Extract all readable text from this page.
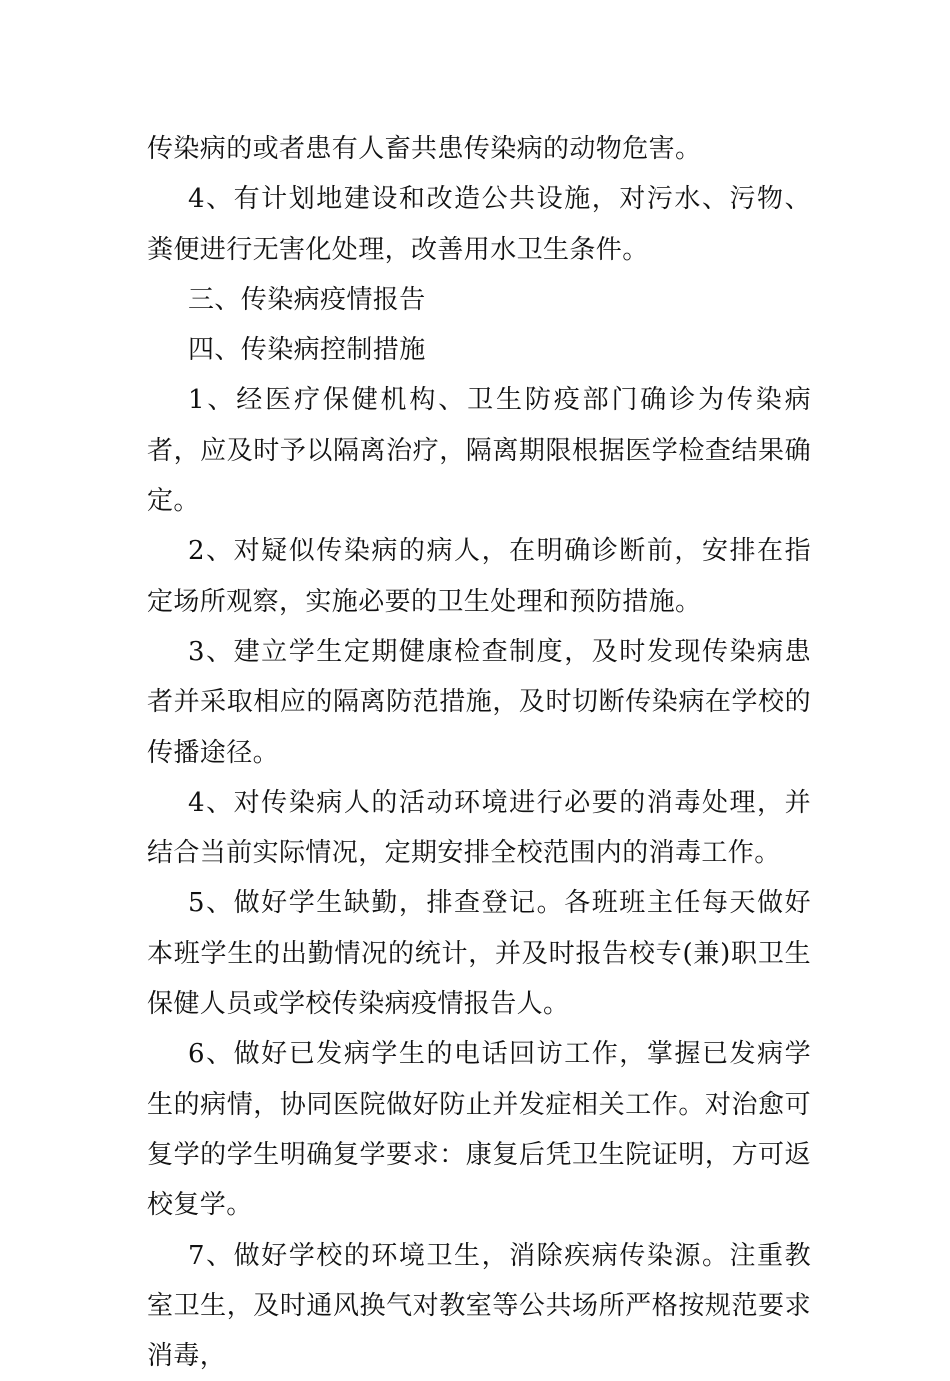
传染病的或者患有人畜共患传染病的动物危害。

4、有计划地建设和改造公共设施，对污水、污物、粪便进行无害化处理，改善用水卫生条件。

三、传染病疫情报告

四、传染病控制措施

1、经医疗保健机构、卫生防疫部门确诊为传染病者，应及时予以隔离治疗，隔离期限根据医学检查结果确定。

2、对疑似传染病的病人，在明确诊断前，安排在指定场所观察，实施必要的卫生处理和预防措施。

3、建立学生定期健康检查制度，及时发现传染病患者并采取相应的隔离防范措施，及时切断传染病在学校的传播途径。

4、对传染病人的活动环境进行必要的消毒处理，并结合当前实际情况，定期安排全校范围内的消毒工作。

5、做好学生缺勤，排查登记。各班班主任每天做好本班学生的出勤情况的统计，并及时报告校专(兼)职卫生保健人员或学校传染病疫情报告人。

6、做好已发病学生的电话回访工作，掌握已发病学生的病情，协同医院做好防止并发症相关工作。对治愈可复学的学生明确复学要求：康复后凭卫生院证明，方可返校复学。

7、做好学校的环境卫生，消除疾病传染源。注重教室卫生，及时通风换气对教室等公共场所严格按规范要求消毒，
